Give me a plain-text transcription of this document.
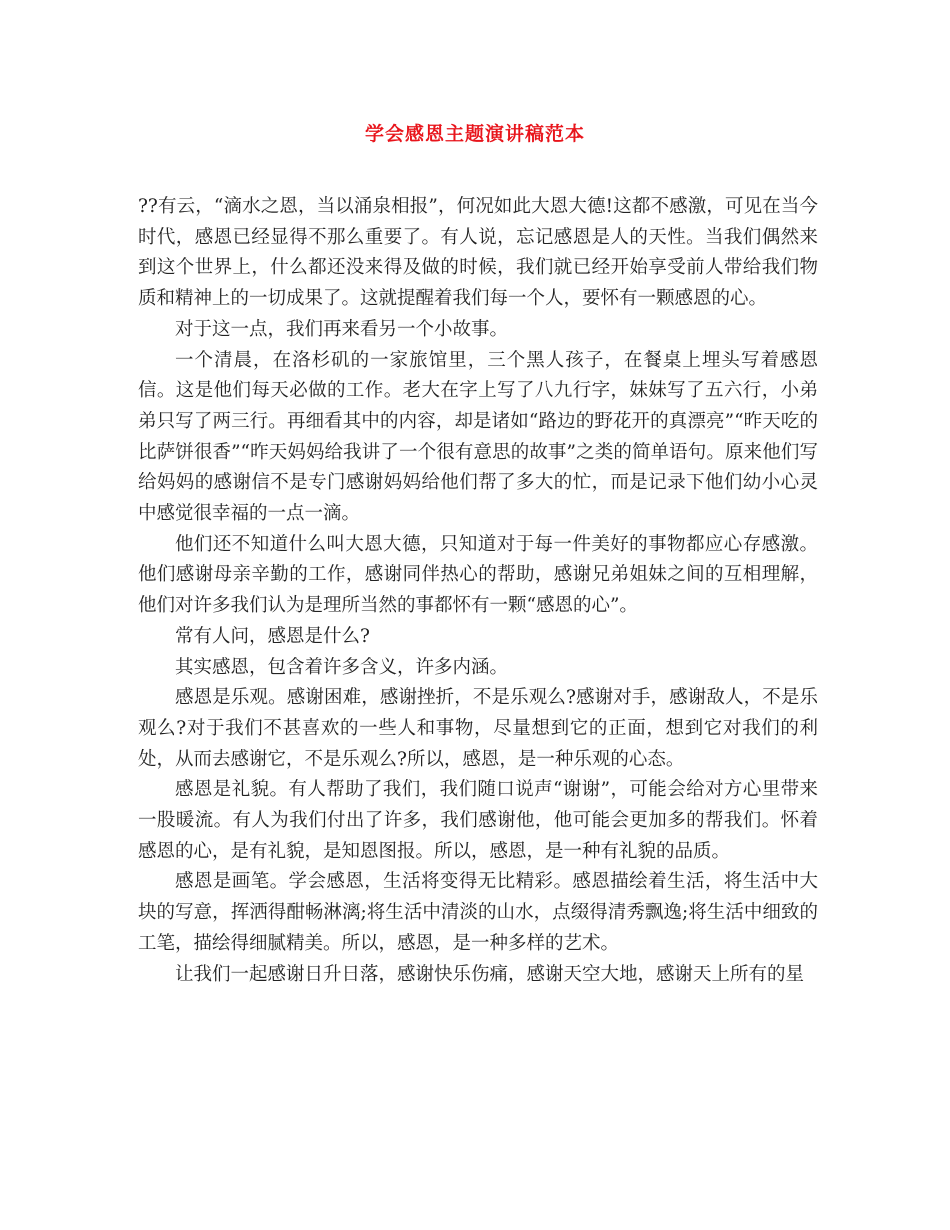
学会感恩主题演讲稿范本

??有云，“滴水之恩，当以涌泉相报”，何况如此大恩大德!这都不感激，可见在当今时代，感恩已经显得不那么重要了。有人说，忘记感恩是人的天性。当我们偶然来到这个世界上，什么都还没来得及做的时候，我们就已经开始享受前人带给我们物质和精神上的一切成果了。这就提醒着我们每一个人，要怀有一颗感恩的心。

对于这一点，我们再来看另一个小故事。

一个清晨，在洛杉矶的一家旅馆里，三个黑人孩子，在餐桌上埋头写着感恩信。这是他们每天必做的工作。老大在字上写了八九行字，妹妹写了五六行，小弟弟只写了两三行。再细看其中的内容，却是诸如“路边的野花开的真漂亮”“昨天吃的比萨饼很香”“昨天妈妈给我讲了一个很有意思的故事”之类的简单语句。原来他们写给妈妈的感谢信不是专门感谢妈妈给他们帮了多大的忙，而是记录下他们幼小心灵中感觉很幸福的一点一滴。

他们还不知道什么叫大恩大德，只知道对于每一件美好的事物都应心存感激。他们感谢母亲辛勤的工作，感谢同伴热心的帮助，感谢兄弟姐妹之间的互相理解，他们对许多我们认为是理所当然的事都怀有一颗“感恩的心”。

常有人问，感恩是什么?

其实感恩，包含着许多含义，许多内涵。

感恩是乐观。感谢困难，感谢挫折，不是乐观么?感谢对手，感谢敌人，不是乐观么?对于我们不甚喜欢的一些人和事物，尽量想到它的正面，想到它对我们的利处，从而去感谢它，不是乐观么?所以，感恩，是一种乐观的心态。

感恩是礼貌。有人帮助了我们，我们随口说声“谢谢”，可能会给对方心里带来一股暖流。有人为我们付出了许多，我们感谢他，他可能会更加多的帮我们。怀着感恩的心，是有礼貌，是知恩图报。所以，感恩，是一种有礼貌的品质。

感恩是画笔。学会感恩，生活将变得无比精彩。感恩描绘着生活，将生活中大块的写意，挥洒得酣畅淋漓;将生活中清淡的山水，点缀得清秀飘逸;将生活中细致的工笔，描绘得细腻精美。所以，感恩，是一种多样的艺术。

让我们一起感谢日升日落，感谢快乐伤痛，感谢天空大地，感谢天上所有的星
